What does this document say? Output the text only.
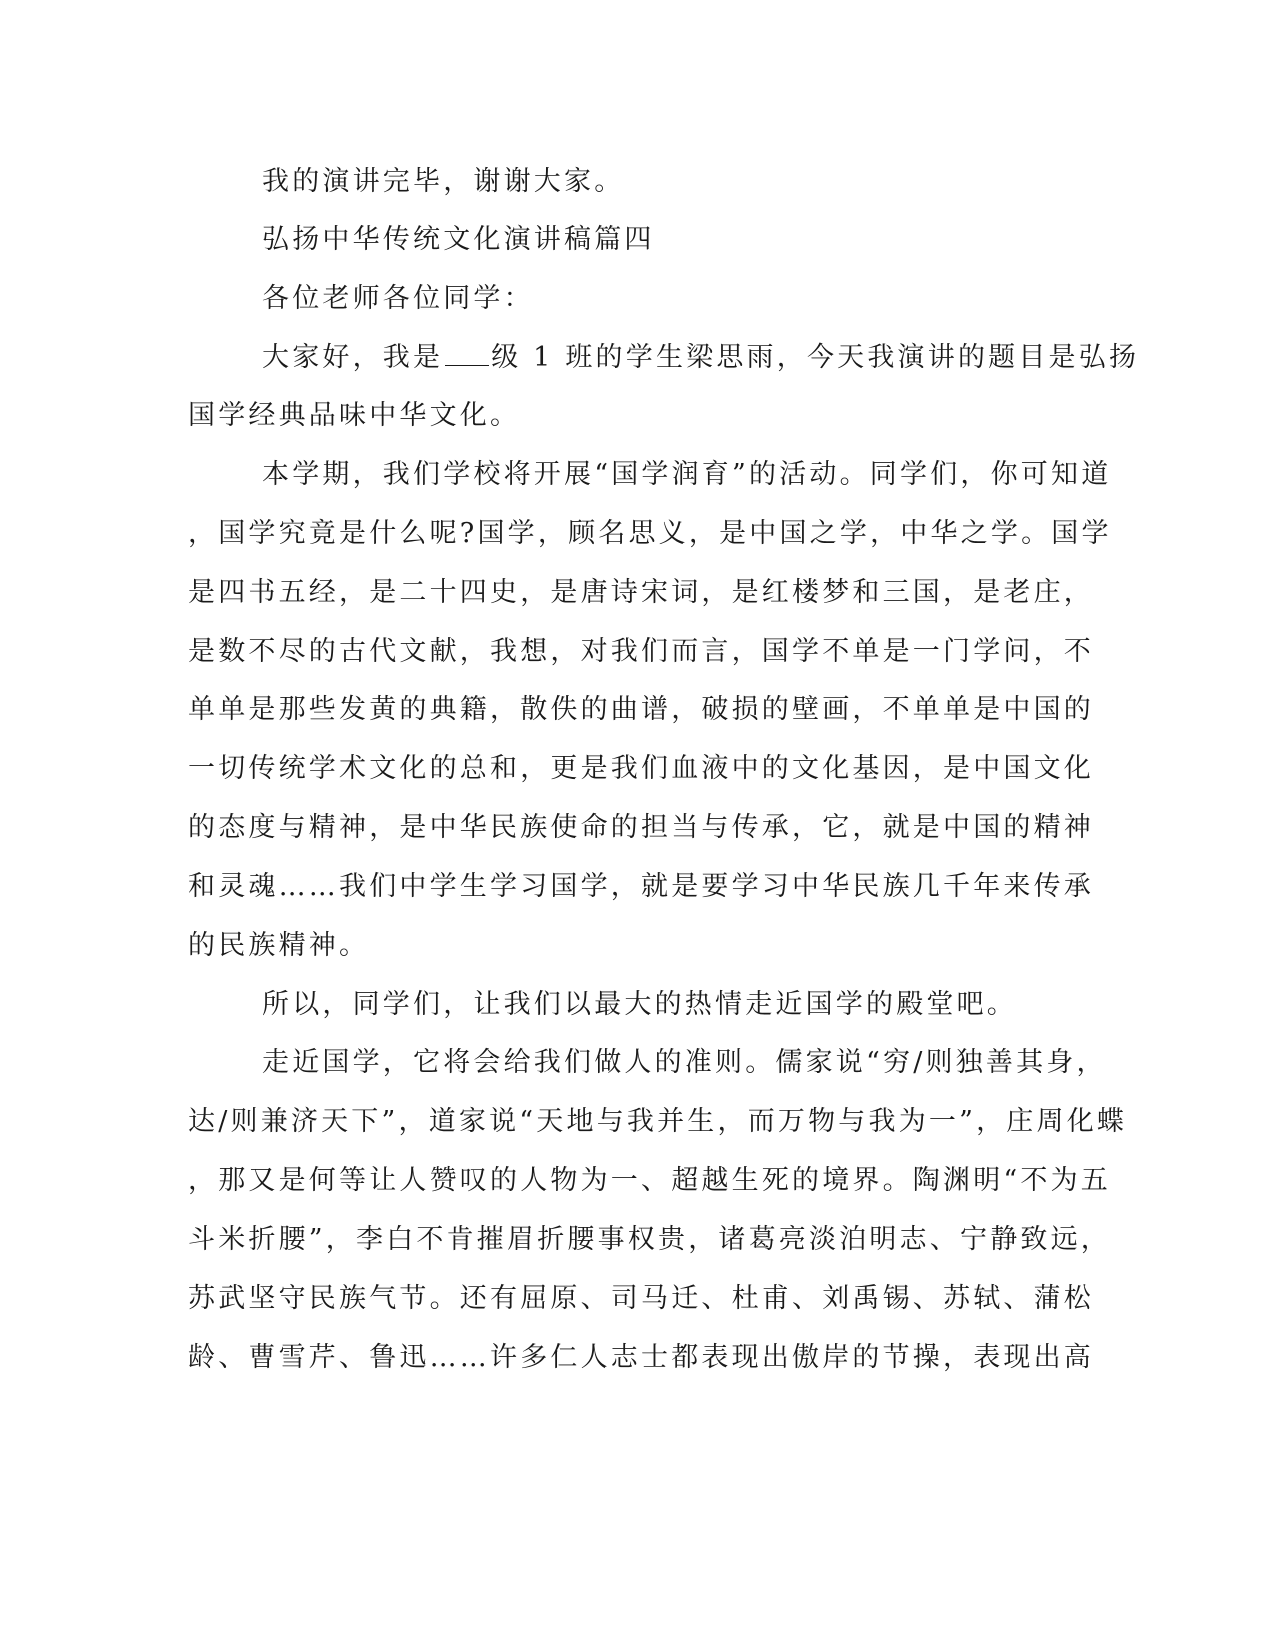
我的演讲完毕，谢谢大家。
弘扬中华传统文化演讲稿篇四
各位老师各位同学：
大家好，我是 级 1 班的学生梁思雨，今天我演讲的题目是弘扬
国学经典品味中华文化。
本学期，我们学校将开展“国学润育”的活动。同学们，你可知道
，国学究竟是什么呢?国学，顾名思义，是中国之学，中华之学。国学
是四书五经，是二十四史，是唐诗宋词，是红楼梦和三国，是老庄，
是数不尽的古代文献，我想，对我们而言，国学不单是一门学问，不
单单是那些发黄的典籍，散佚的曲谱，破损的壁画，不单单是中国的
一切传统学术文化的总和，更是我们血液中的文化基因，是中国文化
的态度与精神，是中华民族使命的担当与传承，它，就是中国的精神
和灵魂……我们中学生学习国学，就是要学习中华民族几千年来传承
的民族精神。
所以，同学们，让我们以最大的热情走近国学的殿堂吧。
走近国学，它将会给我们做人的准则。儒家说“穷/则独善其身，
达/则兼济天下”，道家说“天地与我并生，而万物与我为一”，庄周化蝶
，那又是何等让人赞叹的人物为一、超越生死的境界。陶渊明“不为五
斗米折腰”，李白不肯摧眉折腰事权贵，诸葛亮淡泊明志、宁静致远，
苏武坚守民族气节。还有屈原、司马迁、杜甫、刘禹锡、苏轼、蒲松
龄、曹雪芹、鲁迅……许多仁人志士都表现出傲岸的节操，表现出高
